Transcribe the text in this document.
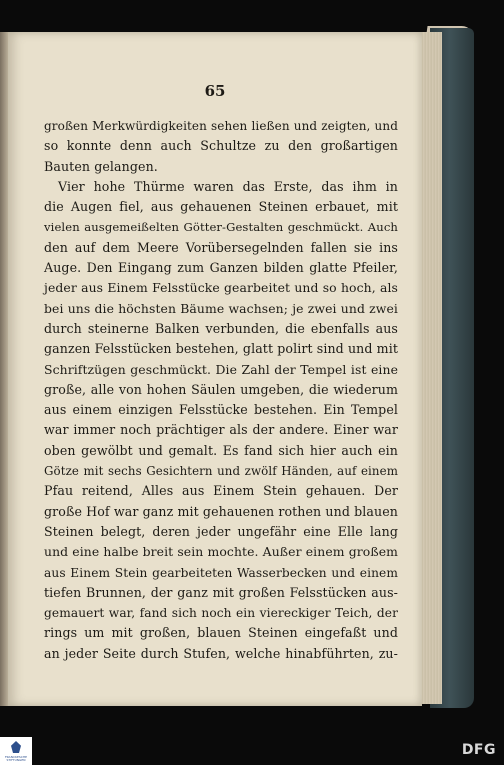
65
großen Merkwürdigkeiten sehen ließen und zeigten, und
so konnte denn auch Schultze zu den großartigen
Bauten gelangen.
Vier hohe Thürme waren das Erste, das ihm in
die Augen fiel, aus gehauenen Steinen erbauet, mit
vielen ausgemeißelten Götter-Gestalten geschmückt. Auch
den auf dem Meere Vorübersegelnden fallen sie ins
Auge. Den Eingang zum Ganzen bilden glatte Pfeiler,
jeder aus Einem Felsstücke gearbeitet und so hoch, als
bei uns die höchsten Bäume wachsen; je zwei und zwei
durch steinerne Balken verbunden, die ebenfalls aus
ganzen Felsstücken bestehen, glatt polirt sind und mit
Schriftzügen geschmückt. Die Zahl der Tempel ist eine
große, alle von hohen Säulen umgeben, die wiederum
aus einem einzigen Felsstücke bestehen. Ein Tempel
war immer noch prächtiger als der andere. Einer war
oben gewölbt und gemalt. Es fand sich hier auch ein
Götze mit sechs Gesichtern und zwölf Händen, auf einem
Pfau reitend, Alles aus Einem Stein gehauen. Der
große Hof war ganz mit gehauenen rothen und blauen
Steinen belegt, deren jeder ungefähr eine Elle lang
und eine halbe breit sein mochte. Außer einem großem
aus Einem Stein gearbeiteten Wasserbecken und einem
tiefen Brunnen, der ganz mit großen Felsstücken aus-
gemauert war, fand sich noch ein viereckiger Teich, der
rings um mit großen, blauen Steinen eingefaßt und
an jeder Seite durch Stufen, welche hinabführten, zu-
FRANCKESCHE STIFTUNGEN
DFG
